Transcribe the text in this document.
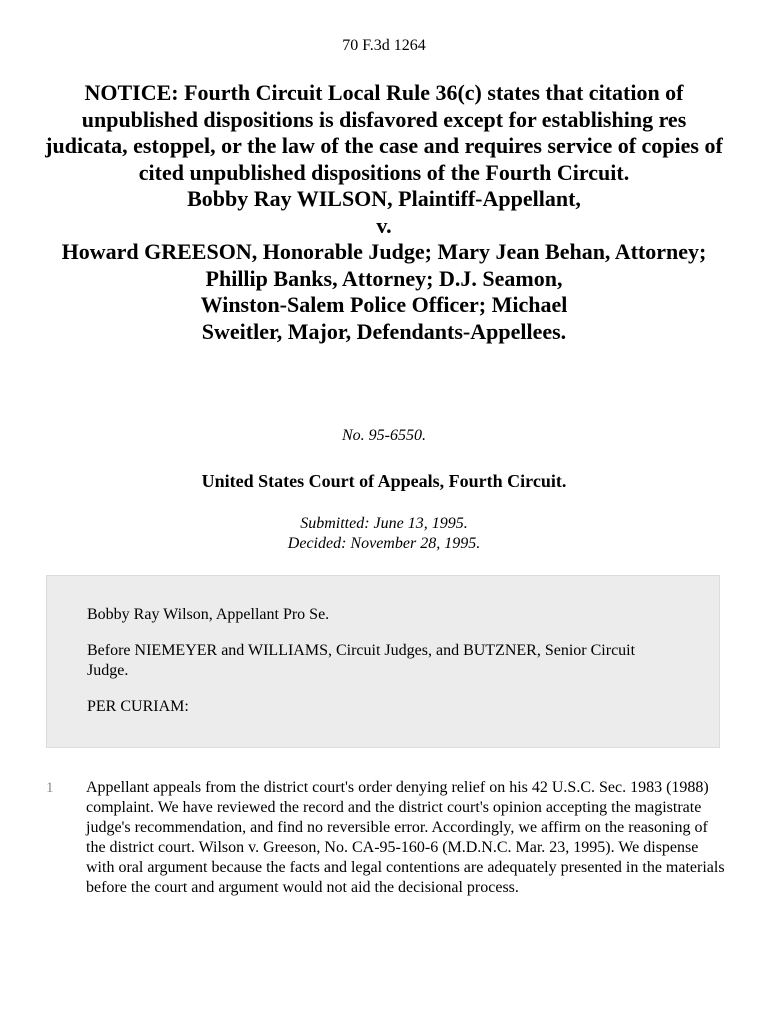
70 F.3d 1264
NOTICE: Fourth Circuit Local Rule 36(c) states that citation of unpublished dispositions is disfavored except for establishing res judicata, estoppel, or the law of the case and requires service of copies of cited unpublished dispositions of the Fourth Circuit.
Bobby Ray WILSON, Plaintiff-Appellant,
v.
Howard GREESON, Honorable Judge; Mary Jean Behan, Attorney;
Phillip Banks, Attorney; D.J. Seamon,
Winston-Salem Police Officer; Michael
Sweitler, Major, Defendants-Appellees.
No. 95-6550.
United States Court of Appeals, Fourth Circuit.
Submitted: June 13, 1995.
Decided: November 28, 1995.

Bobby Ray Wilson, Appellant Pro Se.

Before NIEMEYER and WILLIAMS, Circuit Judges, and BUTZNER, Senior Circuit Judge.

PER CURIAM:

1 Appellant appeals from the district court's order denying relief on his 42 U.S.C. Sec. 1983 (1988) complaint. We have reviewed the record and the district court's opinion accepting the magistrate judge's recommendation, and find no reversible error. Accordingly, we affirm on the reasoning of the district court. Wilson v. Greeson, No. CA-95-160-6 (M.D.N.C. Mar. 23, 1995). We dispense with oral argument because the facts and legal contentions are adequately presented in the materials before the court and argument would not aid the decisional process.
